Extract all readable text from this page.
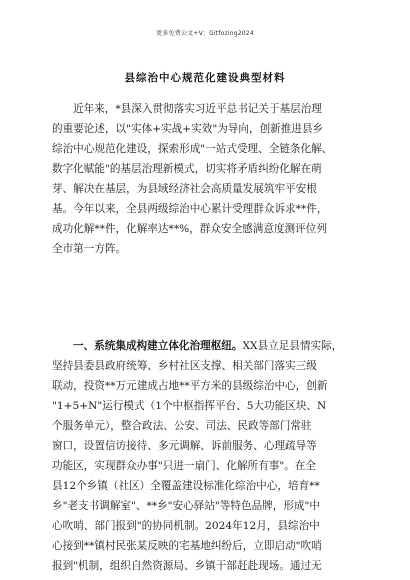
更多免费公文+V：Gitfozing2024
县综治中心规范化建设典型材料
近年来，*县深入贯彻落实习近平总书记关于基层治理
的重要论述，以"实体+实战+实效"为导向，创新推进县乡
综治中心规范化建设，探索形成"一站式受理、全链条化解、
数字化赋能"的基层治理新模式，切实将矛盾纠纷化解在萌
芽、解决在基层，为县域经济社会高质量发展筑牢平安根
基。今年以来，全县两级综治中心累计受理群众诉求**件，
成功化解**件，化解率达**%，群众安全感满意度测评位列
全市第一方阵。
一、系统集成构建立体化治理枢纽。XX县立足县情实际，
坚持县委县政府统筹、乡村社区支撑、相关部门落实三级
联动，投资**万元建成占地**平方米的县级综治中心，创新
"1+5+N"运行模式（1个中枢指挥平台、5大功能区块、N
个服务单元），整合政法、公安、司法、民政等部门常驻
窗口，设置信访接待、多元调解、诉前服务、心理疏导等
功能区，实现群众办事"只进一扇门、化解所有事"。在全
县12个乡镇（社区）全覆盖建设标准化综治中心，培育**
乡"老支书调解室"、**乡"安心驿站"等特色品牌，形成"中
心吹哨、部门报到"的协同机制。2024年12月，县综治中
心接到**镇村民张某反映的宅基地纠纷后，立即启动"吹哨
报到"机制，组织自然资源局、乡镇干部赶赴现场。通过无
